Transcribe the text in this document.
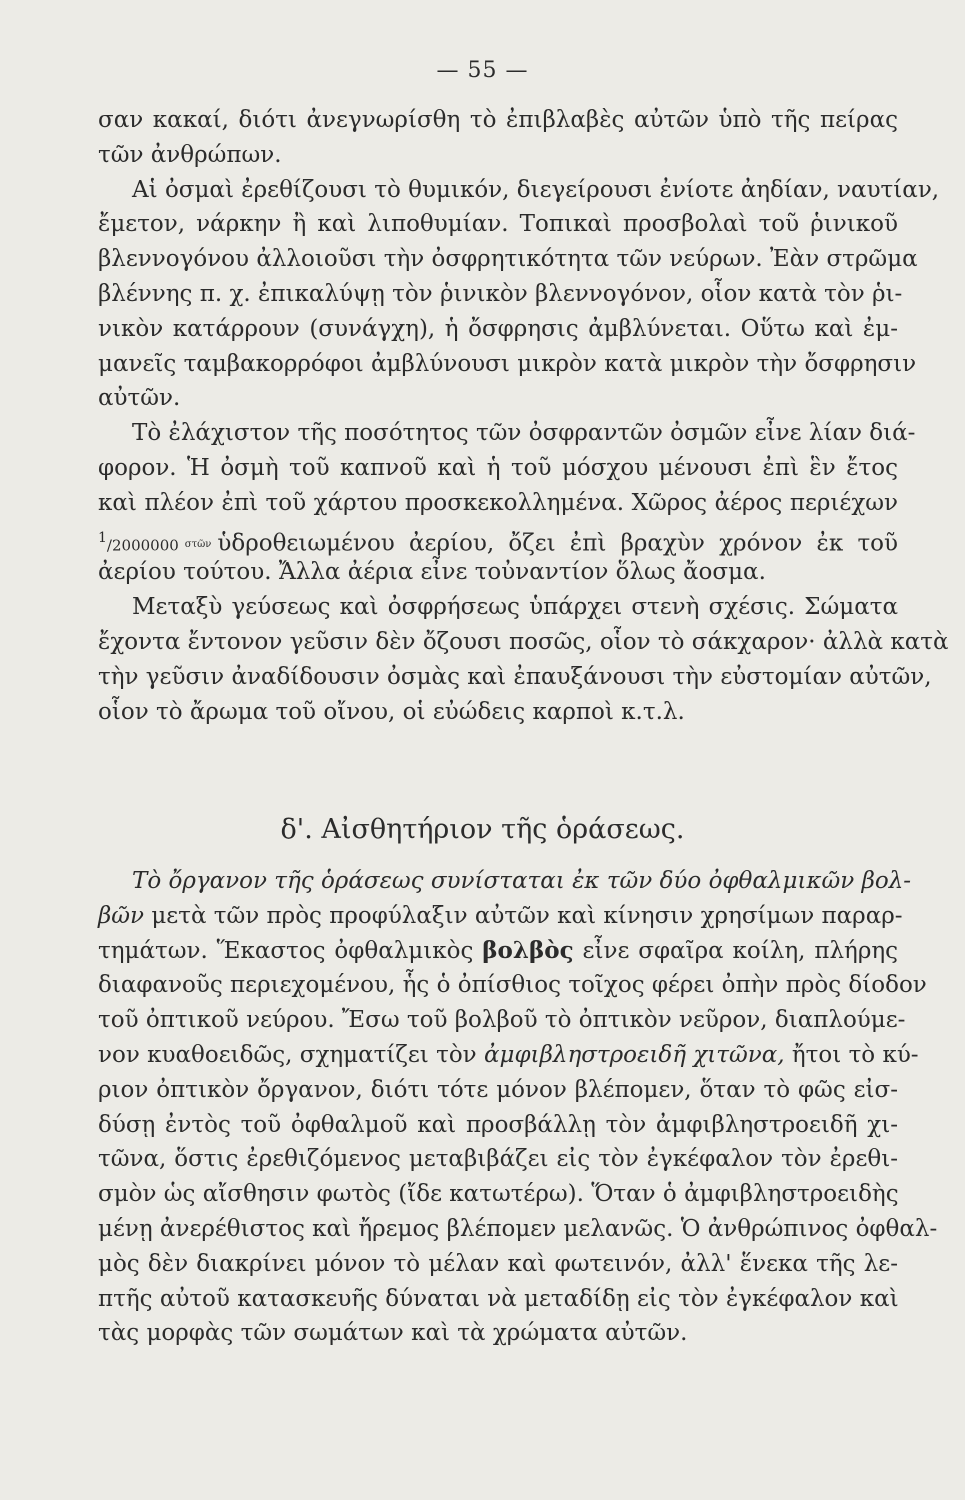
— 55 —
σαν κακαί, διότι ἀνεγνωρίσθη τὸ ἐπιβλαβὲς αὐτῶν ὑπὸ τῆς πείρας
τῶν ἀνθρώπων.
Αἱ ὀσμαὶ ἐρεθίζουσι τὸ θυμικόν, διεγείρουσι ἐνίοτε ἀηδίαν, ναυτίαν,
ἔμετον, νάρκην ἢ καὶ λιποθυμίαν. Τοπικαὶ προσβολαὶ τοῦ ῥινικοῦ
βλεννογόνου ἀλλοιοῦσι τὴν ὀσφρητικότητα τῶν νεύρων. Ἐὰν στρῶμα
βλέννης π. χ. ἐπικαλύψῃ τὸν ῥινικὸν βλεννογόνον, οἷον κατὰ τὸν ῥι-
νικὸν κατάρρουν (συνάγχη), ἡ ὄσφρησις ἀμβλύνεται. Οὕτω καὶ ἐμ-
μανεῖς ταμβακορρόφοι ἀμβλύνουσι μικρὸν κατὰ μικρὸν τὴν ὄσφρησιν
αὐτῶν.
Τὸ ἐλάχιστον τῆς ποσότητος τῶν ὀσφραντῶν ὀσμῶν εἶνε λίαν διά-
φορον. Ἡ ὀσμὴ τοῦ καπνοῦ καὶ ἡ τοῦ μόσχου μένουσι ἐπὶ ἓν ἔτος
καὶ πλέον ἐπὶ τοῦ χάρτου προσκεκολλημένα. Χῶρος ἀέρος περιέχων
$^1$/2000000 στῶν ὑδροθειωμένου ἀερίου, ὄζει ἐπὶ βραχὺν χρόνον ἐκ τοῦ
ἀερίου τούτου. Ἄλλα ἀέρια εἶνε τοὐναντίον ὅλως ἄοσμα.
Μεταξὺ γεύσεως καὶ ὀσφρήσεως ὑπάρχει στενὴ σχέσις. Σώματα
ἔχοντα ἔντονον γεῦσιν δὲν ὄζουσι ποσῶς, οἷον τὸ σάκχαρον· ἀλλὰ κατὰ
τὴν γεῦσιν ἀναδίδουσιν ὀσμὰς καὶ ἐπαυξάνουσι τὴν εὐστομίαν αὐτῶν,
οἷον τὸ ἄρωμα τοῦ οἴνου, οἱ εὐώδεις καρποὶ κ.τ.λ.
δ'. Αἰσθητήριον τῆς ὁράσεως.
Τὸ ὄργανον τῆς ὁράσεως συνίσταται ἐκ τῶν δύο ὀφθαλμικῶν βολ-
βῶν μετὰ τῶν πρὸς προφύλαξιν αὐτῶν καὶ κίνησιν χρησίμων παραρ-
τημάτων. Ἕκαστος ὀφθαλμικὸς βολβὸς εἶνε σφαῖρα κοίλη, πλήρης
διαφανοῦς περιεχομένου, ἧς ὁ ὀπίσθιος τοῖχος φέρει ὀπὴν πρὸς δίοδον
τοῦ ὀπτικοῦ νεύρου. Ἔσω τοῦ βολβοῦ τὸ ὀπτικὸν νεῦρον, διαπλούμε-
νον κυαθοειδῶς, σχηματίζει τὸν ἀμφιβληστροειδῆ χιτῶνα, ἤτοι τὸ κύ-
ριον ὀπτικὸν ὄργανον, διότι τότε μόνον βλέπομεν, ὅταν τὸ φῶς εἰσ-
δύσῃ ἐντὸς τοῦ ὀφθαλμοῦ καὶ προσβάλλῃ τὸν ἀμφιβληστροειδῆ χι-
τῶνα, ὅστις ἐρεθιζόμενος μεταβιβάζει εἰς τὸν ἐγκέφαλον τὸν ἐρεθι-
σμὸν ὡς αἴσθησιν φωτὸς (ἴδε κατωτέρω). Ὅταν ὁ ἀμφιβληστροειδὴς
μένῃ ἀνερέθιστος καὶ ἤρεμος βλέπομεν μελανῶς. Ὁ ἀνθρώπινος ὀφθαλ-
μὸς δὲν διακρίνει μόνον τὸ μέλαν καὶ φωτεινόν, ἀλλ' ἕνεκα τῆς λε-
πτῆς αὐτοῦ κατασκευῆς δύναται νὰ μεταδίδῃ εἰς τὸν ἐγκέφαλον καὶ
τὰς μορφὰς τῶν σωμάτων καὶ τὰ χρώματα αὐτῶν.
